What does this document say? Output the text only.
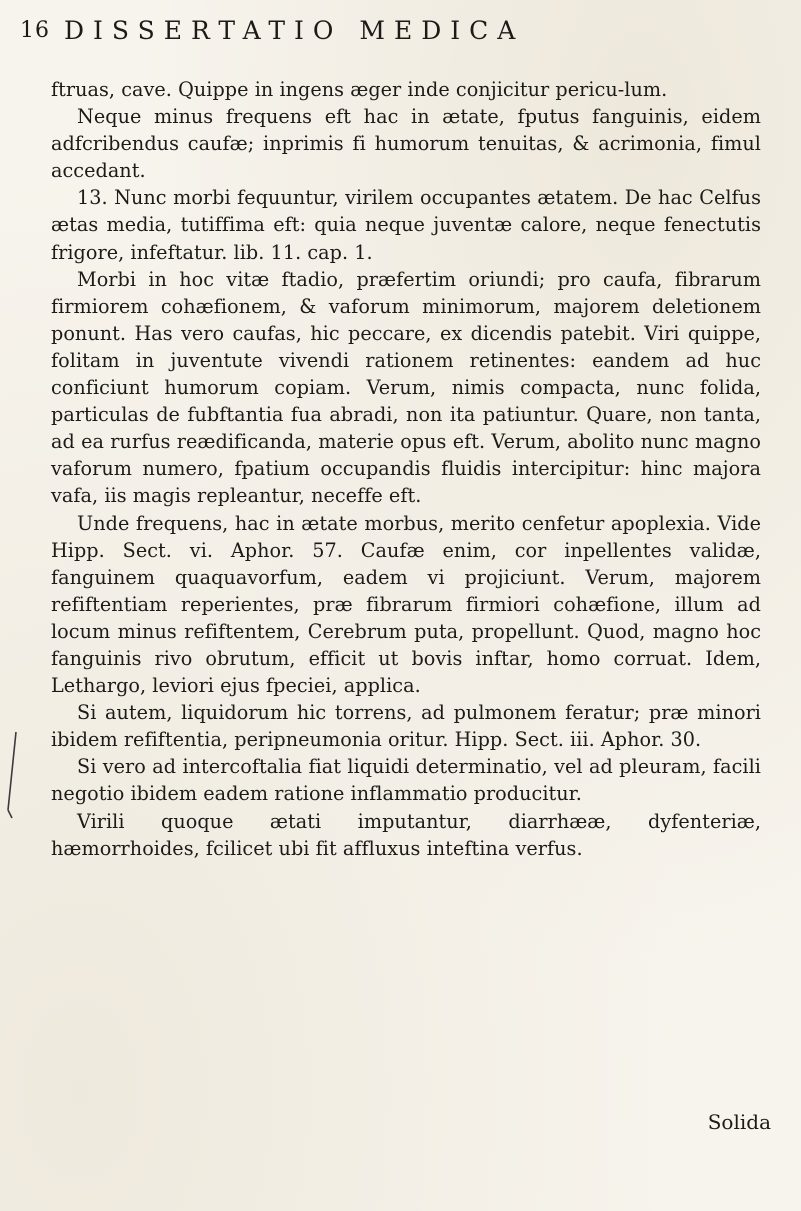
16 DISSERTATIO MEDICA

ftruas, cave. Quippe in ingens æger inde conjicitur pericu-lum.

Neque minus frequens eft hac in ætate, fputus fanguinis, eidem adfcribendus caufæ; inprimis fi humorum tenuitas, & acrimonia, fimul accedant.

13. Nunc morbi fequuntur, virilem occupantes ætatem. De hac Celfus ætas media, tutiffima eft: quia neque juventæ calore, neque fenectutis frigore, infeftatur. lib. 11. cap. 1.

Morbi in hoc vitæ ftadio, præfertim oriundi; pro caufa, fibrarum firmiorem cohæfionem, & vaforum minimorum, majorem deletionem ponunt. Has vero caufas, hic peccare, ex dicendis patebit. Viri quippe, folitam in juventute vivendi rationem retinentes: eandem ad huc conficiunt humorum copiam. Verum, nimis compacta, nunc folida, particulas de fubftantia fua abradi, non ita patiuntur. Quare, non tanta, ad ea rurfus reædificanda, materie opus eft. Verum, abolito nunc magno vaforum numero, fpatium occupandis fluidis intercipitur: hinc majora vafa, iis magis repleantur, neceffe eft.

Unde frequens, hac in ætate morbus, merito cenfetur apoplexia. Vide Hipp. Sect. vi. Aphor. 57. Caufæ enim, cor inpellentes validæ, fanguinem quaquavorfum, eadem vi projiciunt. Verum, majorem refiftentiam reperientes, præ fibrarum firmiori cohæfione, illum ad locum minus refiftentem, Cerebrum puta, propellunt. Quod, magno hoc fanguinis rivo obrutum, efficit ut bovis inftar, homo corruat. Idem, Lethargo, leviori ejus fpeciei, applica.

Si autem, liquidorum hic torrens, ad pulmonem feratur; præ minori ibidem refiftentia, peripneumonia oritur. Hipp. Sect. iii. Aphor. 30.

Si vero ad intercoftalia fiat liquidi determinatio, vel ad pleuram, facili negotio ibidem eadem ratione inflammatio producitur.

Virili quoque ætati imputantur, diarrhææ, dyfenteriæ, hæmorrhoides, fcilicet ubi fit affluxus inteftina verfus.

Solida
